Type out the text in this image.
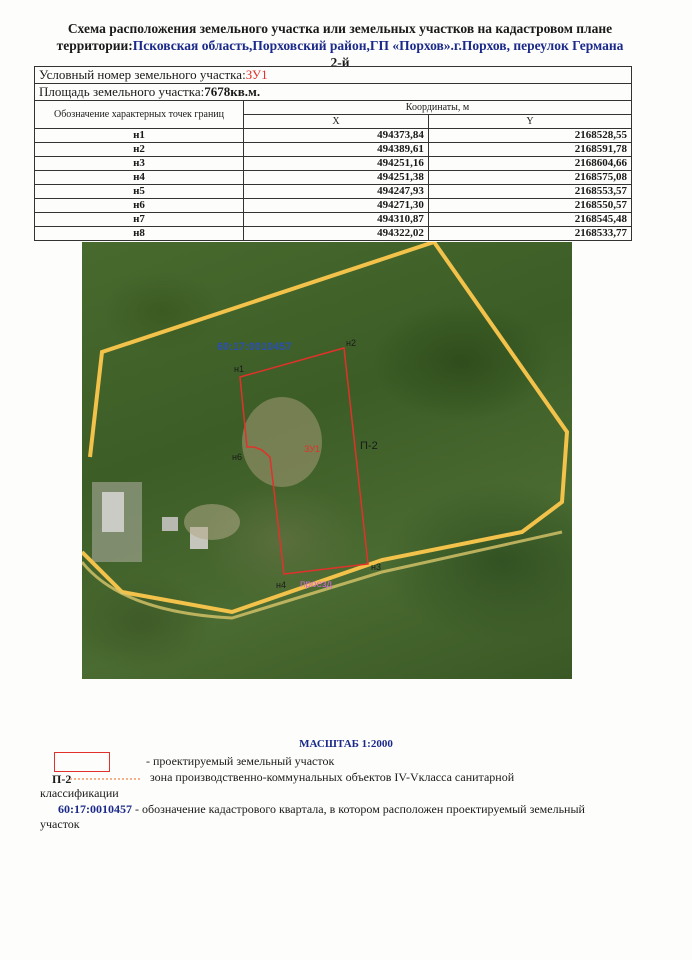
Схема расположения земельного участка или земельных участков на кадастровом плане
территории:Псковская область,Порховский район,ГП «Порхов».г.Порхов, переулок Германа
2-й
Условный номер земельного участка:ЗУ1		
Площадь земельного участка:7678кв.м.		
Обозначение характерных точек границ	Координаты, м	
	X	Y
н1	494373,84	2168528,55
н2	494389,61	2168591,78
н3	494251,16	2168604,66
н4	494251,38	2168575,08
н5	494247,93	2168553,57
н6	494271,30	2168550,57
н7	494310,87	2168545,48
н8	494322,02	2168533,77
60:17:0010457
П-2
ЗУ1
проезд
н1
н2
н3
н4
н6
МАСШТАБ 1:2000
- проектируемый земельный участок
П-2	зона производственно-коммунальных объектов IV-Vкласса санитарной
классификации
60:17:0010457 - обозначение кадастрового квартала, в котором расположен проектируемый земельный
участок
